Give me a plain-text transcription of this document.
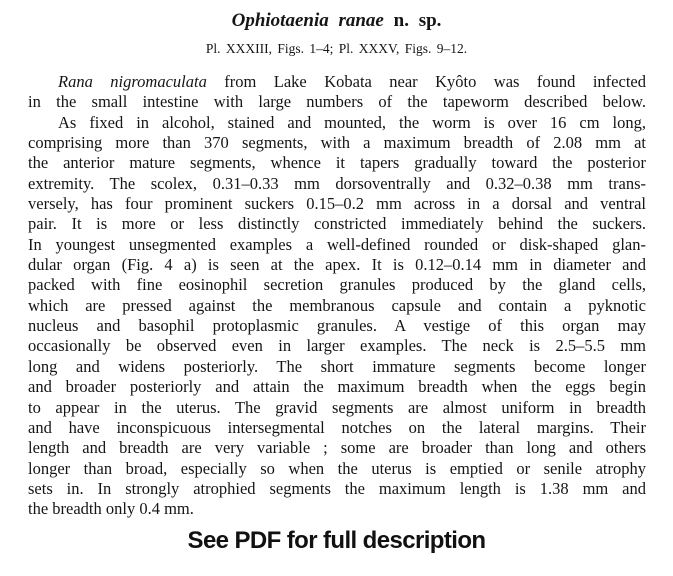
Ophiotaenia ranae n. sp.
Pl. XXXIII, Figs. 1–4; Pl. XXXV, Figs. 9–12.
Rana nigromaculata from Lake Kobata near Kyôto was found infected
in the small intestine with large numbers of the tapeworm described below.
As fixed in alcohol, stained and mounted, the worm is over 16 cm long,
comprising more than 370 segments, with a maximum breadth of 2.08 mm at
the anterior mature segments, whence it tapers gradually toward the posterior
extremity. The scolex, 0.31–0.33 mm dorsoventrally and 0.32–0.38 mm trans-
versely, has four prominent suckers 0.15–0.2 mm across in a dorsal and ventral
pair. It is more or less distinctly constricted immediately behind the suckers.
In youngest unsegmented examples a well-defined rounded or disk-shaped glan-
dular organ (Fig. 4 a) is seen at the apex. It is 0.12–0.14 mm in diameter and
packed with fine eosinophil secretion granules produced by the gland cells,
which are pressed against the membranous capsule and contain a pyknotic
nucleus and basophil protoplasmic granules. A vestige of this organ may
occasionally be observed even in larger examples. The neck is 2.5–5.5 mm
long and widens posteriorly. The short immature segments become longer
and broader posteriorly and attain the maximum breadth when the eggs begin
to appear in the uterus. The gravid segments are almost uniform in breadth
and have inconspicuous intersegmental notches on the lateral margins. Their
length and breadth are very variable ; some are broader than long and others
longer than broad, especially so when the uterus is emptied or senile atrophy
sets in. In strongly atrophied segments the maximum length is 1.38 mm and
the breadth only 0.4 mm.
See PDF for full description
